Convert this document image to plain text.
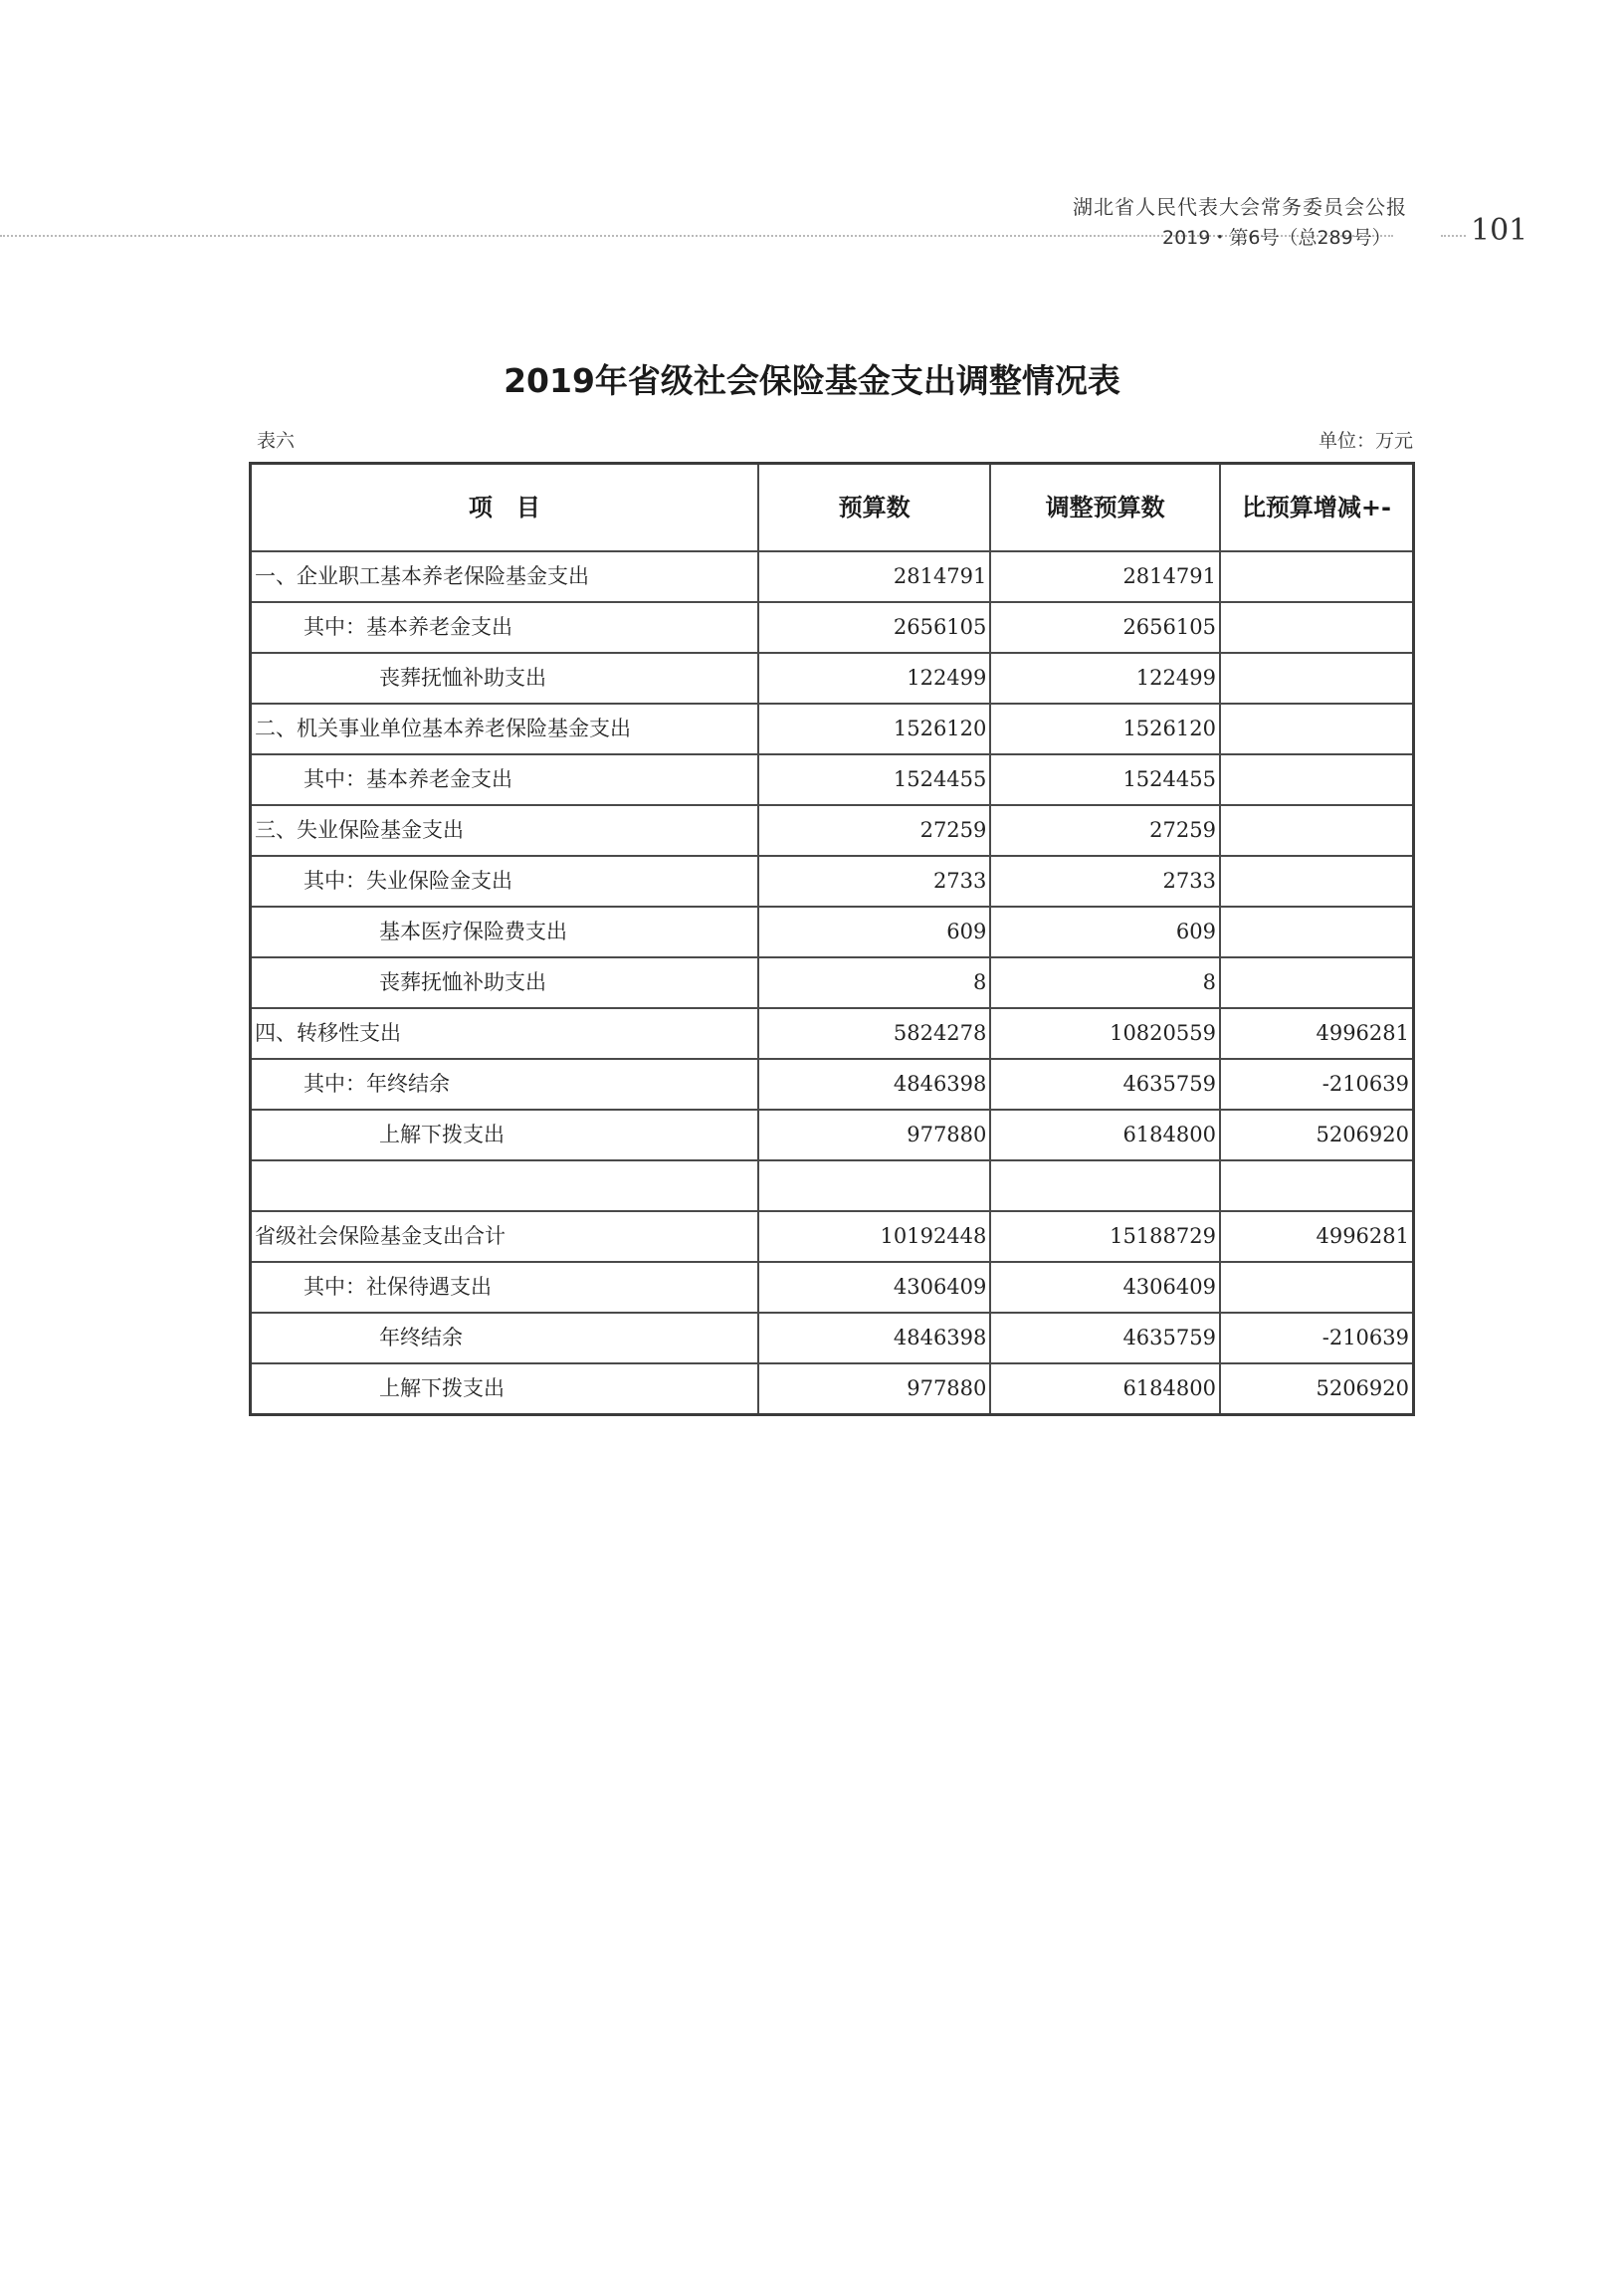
湖北省人民代表大会常务委员会公报
2019・第6号（总289号）	101
2019年省级社会保险基金支出调整情况表
表六	单位：万元
项　目	预算数	调整预算数	比预算增减+-
一、企业职工基本养老保险基金支出	2814791	2814791	
其中：基本养老金支出	2656105	2656105	
丧葬抚恤补助支出	122499	122499	
二、机关事业单位基本养老保险基金支出	1526120	1526120	
其中：基本养老金支出	1524455	1524455	
三、失业保险基金支出	27259	27259	
其中：失业保险金支出	2733	2733	
基本医疗保险费支出	609	609	
丧葬抚恤补助支出	8	8	
四、转移性支出	5824278	10820559	4996281
其中：年终结余	4846398	4635759	-210639
上解下拨支出	977880	6184800	5206920

省级社会保险基金支出合计	10192448	15188729	4996281
其中：社保待遇支出	4306409	4306409	
年终结余	4846398	4635759	-210639
上解下拨支出	977880	6184800	5206920
